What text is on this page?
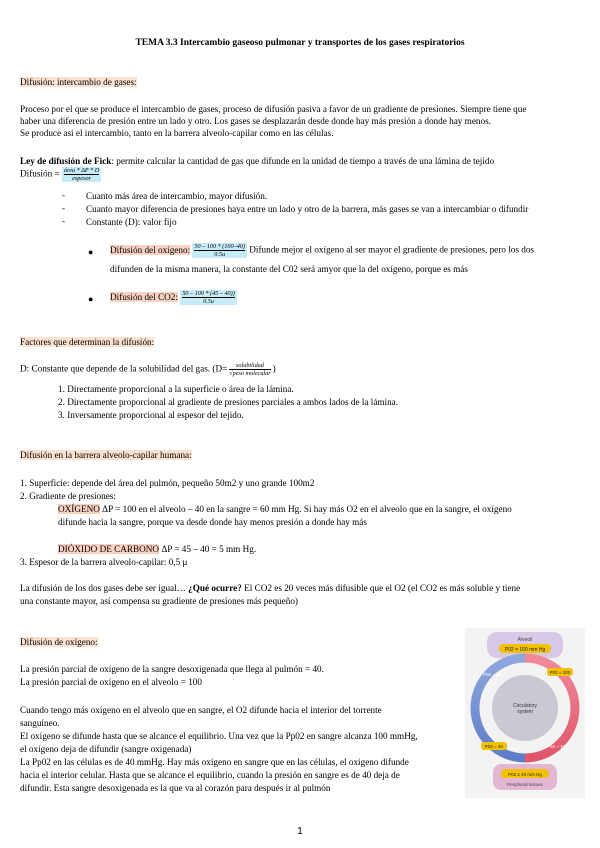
TEMA 3.3 Intercambio gaseoso pulmonar y transportes de los gases respiratorios
Difusión: intercambio de gases:
Proceso por el que se produce el intercambio de gases, proceso de difusión pasiva a favor de un gradiente de presiones. Siempre tiene que
haber una diferencia de presión entre un lado y otro. Los gases se desplazarán desde donde hay más presión a donde hay menos.
Se produce así el intercambio, tanto en la barrera alveolo-capilar como en las células.
Ley de difusión de Fick: permite calcular la cantidad de gas que difunde en la unidad de tiempo a través de una lámina de tejido
Difusión = $\frac{\text{área * ΔP * D}}{\text{espesor}}$
- Cuanto más área de intercambio, mayor difusión.
- Cuanto mayor diferencia de presiones haya entre un lado y otro de la barrera, más gases se van a intercambiar o difundir
- Constante (D): valor fijo
● Difusión del oxígeno: $\frac{50 - 100 * (100-40)}{0.5u}$ Difunde mejor el oxígeno al ser mayor el gradiente de presiones, pero los dos
difunden de la misma manera, la constante del C02 será amyor que la del oxígeno, porque es más
● Difusión del CO2: $\frac{50 - 100 * (45 - 40))}{0.5u}$
Factores que determinan la difusión:
D: Constante que depende de la solubilidad del gas. $(D= \frac{\text{solubilidad}}{\text{√peso molecular}})$
1. Directamente proporcional a la superficie o área de la lámina.
2. Directamente proporcional al gradiente de presiones parciales a ambos lados de la lámina.
3. Inversamente proporcional al espesor del tejido.
Difusión en la barrera alveolo-capilar humana:
1. Superficie: depende del área del pulmón, pequeño 50m2 y uno grande 100m2
2. Gradiente de presiones:
OXÍGENO ΔP = 100 en el alveolo – 40 en la sangre = 60 mm Hg. Si hay más O2 en el alveolo que en la sangre, el oxígeno
difunde hacia la sangre, porque va desde donde hay menos presión a donde hay más
DIÓXIDO DE CARBONO ΔP = 45 – 40 = 5 mm Hg.
3. Espesor de la barrera alveolo-capilar: 0,5 μ
La difusión de los dos gases debe ser igual… ¿Qué ocurre? El CO2 es 20 veces más difusible que el O2 (el CO2 es más soluble y tiene
una constante mayor, así compensa su gradiente de presiones más pequeño)
Difusión de oxígeno:
La presión parcial de oxígeno de la sangre desoxigenada que llega al pulmón = 40.
La presión parcial de oxígeno en el alveolo = 100
Cuando tengo más oxígeno en el alveolo que en sangre, el O2 difunde hacia el interior del torrente
sanguíneo.
El oxígeno se difunde hasta que se alcance el equilibrio. Una vez que la Pp02 en sangre alcanza 100 mmHg,
el oxígeno deja de difundir (sangre oxigenada)
La Pp02 en las células es de 40 mmHg. Hay más oxígeno en sangre que en las células, el oxígeno difunde
hacia el interior celular. Hasta que se alcance el equilibrio, cuando la presión en sangre es de 40 deja de
difundir. Esta sangre desoxigenada es la que va al corazón para después ir al pulmón
Alveoli
P02 = 100 mm Hg
Circulatory
system
P02 = 40	P02 = 100
P02 = 40	P02 = 100
P02 ≤ 40 mm Hg
Peripheral tissues
1
